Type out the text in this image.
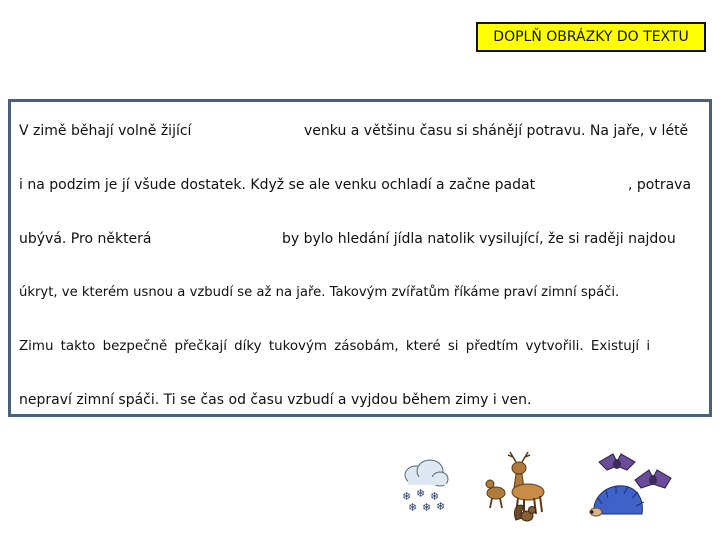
DOPLŇ OBRÁZKY DO TEXTU
V zimě běhají volně žijící	venku a většinu času si shánějí potravu. Na jaře, v létě
i na podzim je jí všude dostatek. Když se ale venku ochladí a začne padat	, potrava
ubývá. Pro některá	by bylo hledání jídla natolik vysilující, že si raději najdou
úkryt, ve kterém usnou a vzbudí se až na jaře. Takovým zvířatům říkáme praví zimní spáči.
Zimu takto bezpečně přečkají díky tukovým zásobám, které si předtím vytvořili. Existují i
nepraví zimní spáči. Ti se čas od času vzbudí a vyjdou během zimy i ven.
❄ ❄ ❄
❄ ❄ ❄
